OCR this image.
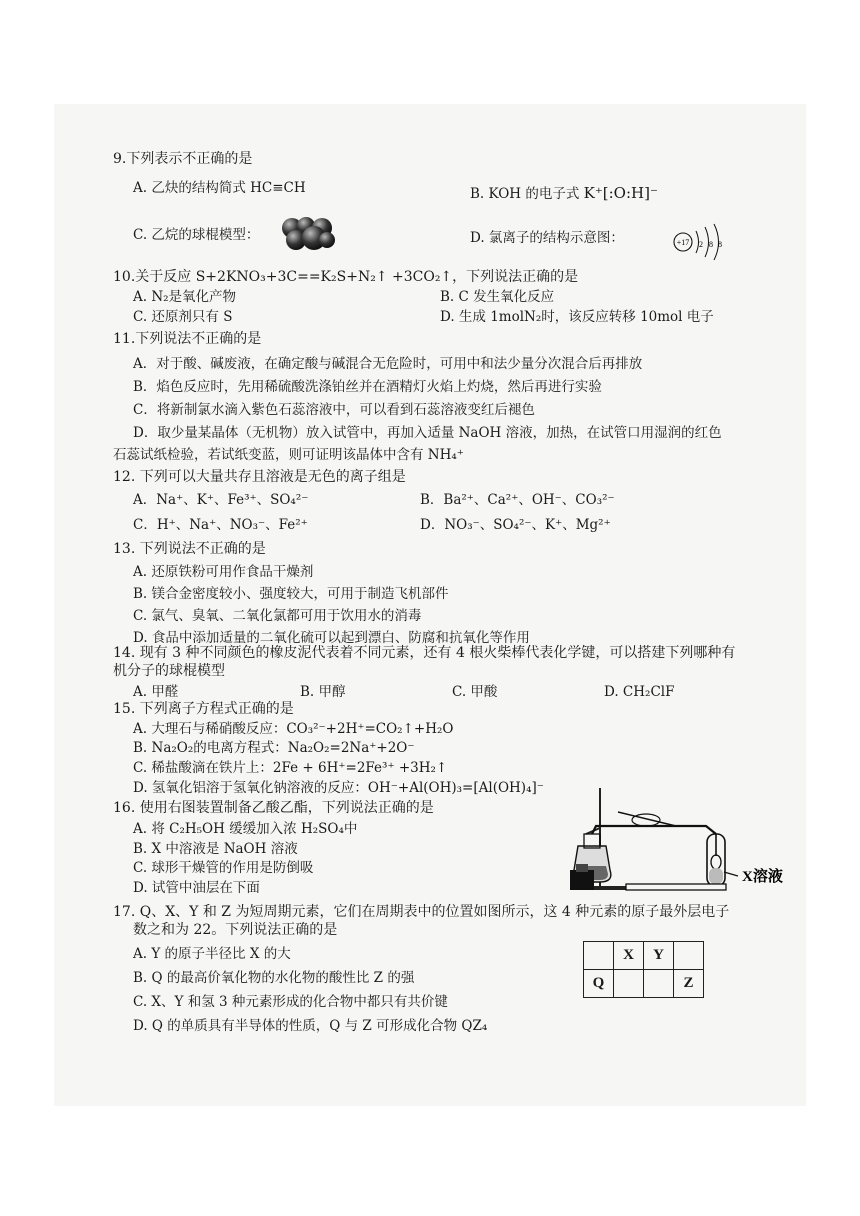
9.下列表示不正确的是
A. 乙炔的结构简式 HC≡CH	B. KOH 的电子式 K⁺[:O:H]⁻
C. 乙烷的球棍模型：	D. 氯离子的结构示意图：	+17 2 8 8
10.关于反应 S+2KNO₃+3C==K₂S+N₂↑ +3CO₂↑，下列说法正确的是
A. N₂是氧化产物	B. C 发生氧化反应
C. 还原剂只有 S	D. 生成 1molN₂时，该反应转移 10mol 电子
11.下列说法不正确的是
A．对于酸、碱废液，在确定酸与碱混合无危险时，可用中和法少量分次混合后再排放
B．焰色反应时，先用稀硫酸洗涤铂丝并在酒精灯火焰上灼烧，然后再进行实验
C．将新制氯水滴入紫色石蕊溶液中，可以看到石蕊溶液变红后褪色
D．取少量某晶体（无机物）放入试管中，再加入适量 NaOH 溶液，加热，在试管口用湿润的红色
石蕊试纸检验，若试纸变蓝，则可证明该晶体中含有 NH₄⁺
12. 下列可以大量共存且溶液是无色的离子组是
A．Na⁺、K⁺、Fe³⁺、SO₄²⁻	B．Ba²⁺、Ca²⁺、OH⁻、CO₃²⁻
C．H⁺、Na⁺、NO₃⁻、Fe²⁺	D．NO₃⁻、SO₄²⁻、K⁺、Mg²⁺
13. 下列说法不正确的是
A. 还原铁粉可用作食品干燥剂
B. 镁合金密度较小、强度较大，可用于制造飞机部件
C. 氯气、臭氧、二氧化氯都可用于饮用水的消毒
D. 食品中添加适量的二氧化硫可以起到漂白、防腐和抗氧化等作用
14. 现有 3 种不同颜色的橡皮泥代表着不同元素，还有 4 根火柴棒代表化学键，可以搭建下列哪种有
机分子的球棍模型
A. 甲醛	B. 甲醇	C. 甲酸	D. CH₂ClF
15. 下列离子方程式正确的是
A. 大理石与稀硝酸反应：CO₃²⁻+2H⁺=CO₂↑+H₂O
B. Na₂O₂的电离方程式：Na₂O₂=2Na⁺+2O⁻
C. 稀盐酸滴在铁片上：2Fe + 6H⁺=2Fe³⁺ +3H₂↑
D. 氢氧化铝溶于氢氧化钠溶液的反应：OH⁻+Al(OH)₃=[Al(OH)₄]⁻
16. 使用右图装置制备乙酸乙酯，下列说法正确的是
A. 将 C₂H₅OH 缓缓加入浓 H₂SO₄中
B. X 中溶液是 NaOH 溶液
C. 球形干燥管的作用是防倒吸
D. 试管中油层在下面
X溶液
17. Q、X、Y 和 Z 为短周期元素，它们在周期表中的位置如图所示，这 4 种元素的原子最外层电子
数之和为 22。下列说法正确的是
A. Y 的原子半径比 X 的大
B. Q 的最高价氧化物的水化物的酸性比 Z 的强
C. X、Y 和氢 3 种元素形成的化合物中都只有共价键
D. Q 的单质具有半导体的性质，Q 与 Z 可形成化合物 QZ₄
	X	Y	
Q			Z
